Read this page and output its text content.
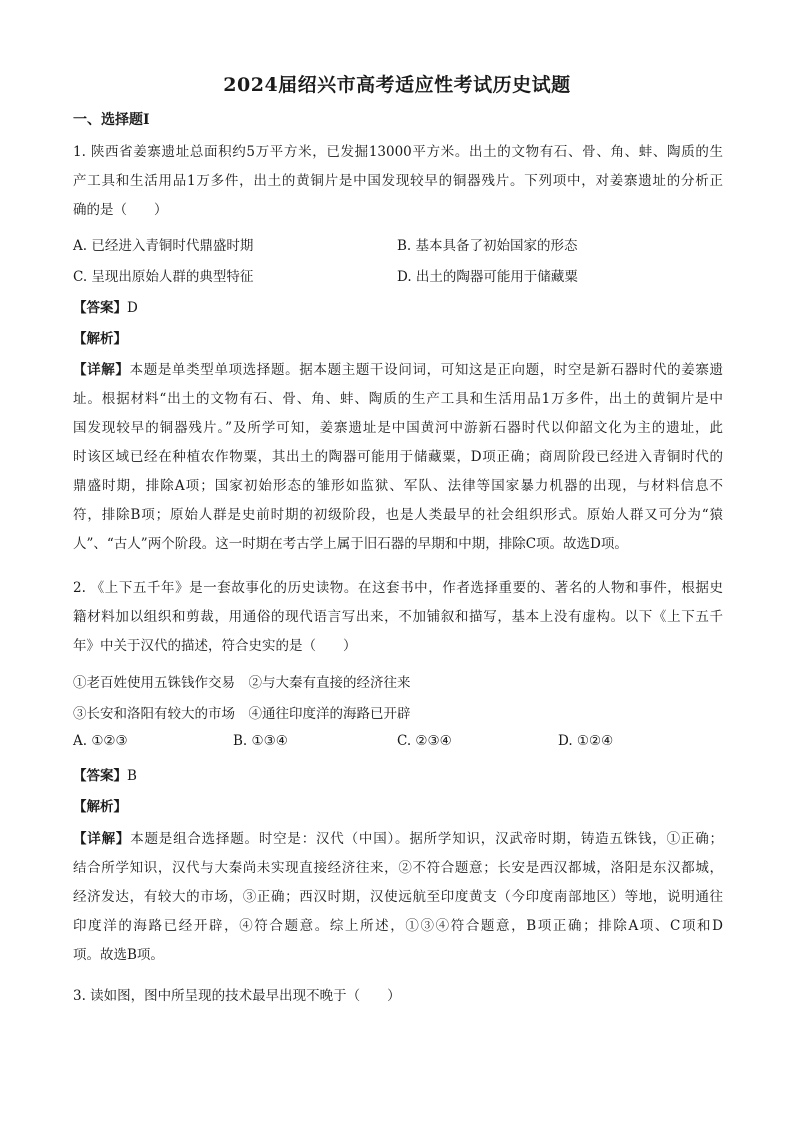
2024届绍兴市高考适应性考试历史试题
一、选择题Ⅰ
1. 陕西省姜寨遗址总面积约5万平方米，已发掘13000平方米。出土的文物有石、骨、角、蚌、陶质的生
产工具和生活用品1万多件，出土的黄铜片是中国发现较早的铜器残片。下列项中，对姜寨遗址的分析正
确的是（　　）
A. 已经进入青铜时代鼎盛时期	B. 基本具备了初始国家的形态
C. 呈现出原始人群的典型特征	D. 出土的陶器可能用于储藏粟
【答案】D
【解析】
【详解】本题是单类型单项选择题。据本题主题干设问词，可知这是正向题，时空是新石器时代的姜寨遗
址。根据材料“出土的文物有石、骨、角、蚌、陶质的生产工具和生活用品1万多件，出土的黄铜片是中
国发现较早的铜器残片。”及所学可知，姜寨遗址是中国黄河中游新石器时代以仰韶文化为主的遗址，此
时该区域已经在种植农作物粟，其出土的陶器可能用于储藏粟，D项正确；商周阶段已经进入青铜时代的
鼎盛时期，排除A项；国家初始形态的雏形如监狱、军队、法律等国家暴力机器的出现，与材料信息不
符，排除B项；原始人群是史前时期的初级阶段，也是人类最早的社会组织形式。原始人群又可分为“猿
人”、“古人”两个阶段。这一时期在考古学上属于旧石器的早期和中期，排除C项。故选D项。
2. 《上下五千年》是一套故事化的历史读物。在这套书中，作者选择重要的、著名的人物和事件，根据史
籍材料加以组织和剪裁，用通俗的现代语言写出来，不加铺叙和描写，基本上没有虚构。以下《上下五千
年》中关于汉代的描述，符合史实的是（　　）
①老百姓使用五铢钱作交易　②与大秦有直接的经济往来
③长安和洛阳有较大的市场　④通往印度洋的海路已开辟
A. ①②③	B. ①③④	C. ②③④	D. ①②④
【答案】B
【解析】
【详解】本题是组合选择题。时空是：汉代（中国）。据所学知识，汉武帝时期，铸造五铢钱，①正确；
结合所学知识，汉代与大秦尚未实现直接经济往来，②不符合题意；长安是西汉都城，洛阳是东汉都城，
经济发达，有较大的市场，③正确；西汉时期，汉使远航至印度黄支（今印度南部地区）等地，说明通往
印度洋的海路已经开辟，④符合题意。综上所述，①③④符合题意，B项正确；排除A项、C项和D
项。故选B项。
3. 读如图，图中所呈现的技术最早出现不晚于（　　）
